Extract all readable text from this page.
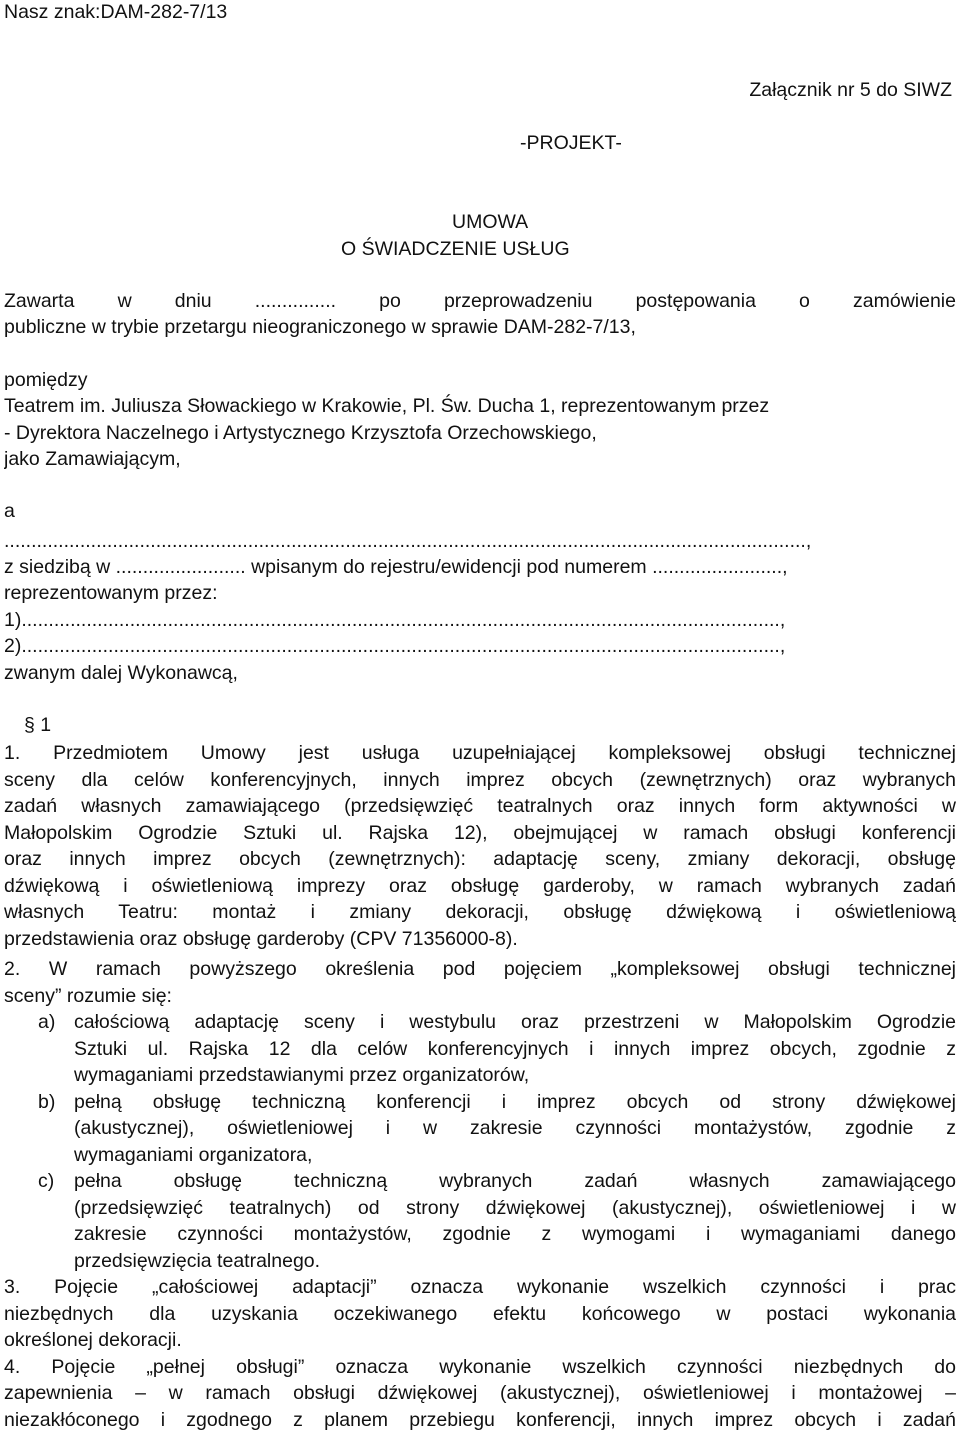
Nasz znak:DAM-282-7/13
Załącznik nr 5 do SIWZ
-PROJEKT-
UMOWA
O ŚWIADCZENIE USŁUG
Zawarta w dniu ............... po przeprowadzeniu postępowania o zamówienie
publiczne w trybie przetargu nieograniczonego w sprawie DAM-282-7/13,
pomiędzy
Teatrem im. Juliusza Słowackiego w Krakowie, Pl. Św. Ducha 1, reprezentowanym przez
- Dyrektora Naczelnego i Artystycznego Krzysztofa Orzechowskiego,
jako Zamawiającym,
a
....................................................................................................................................................,
z siedzibą w ........................ wpisanym do rejestru/ewidencji pod numerem ........................,
reprezentowanym przez:
1)............................................................................................................................................,
2)............................................................................................................................................,
zwanym dalej Wykonawcą,
§ 1
1. Przedmiotem Umowy jest usługa uzupełniającej kompleksowej obsługi technicznej
sceny dla celów konferencyjnych, innych imprez obcych (zewnętrznych) oraz wybranych
zadań własnych zamawiającego (przedsięwzięć teatralnych oraz innych form aktywności w
Małopolskim Ogrodzie Sztuki ul. Rajska 12), obejmującej w ramach obsługi konferencji
oraz innych imprez obcych (zewnętrznych): adaptację sceny, zmiany dekoracji, obsługę
dźwiękową i oświetleniową imprezy oraz obsługę garderoby, w ramach wybranych zadań
własnych Teatru: montaż i zmiany dekoracji, obsługę dźwiękową i oświetleniową
przedstawienia oraz obsługę garderoby (CPV 71356000-8).
2. W ramach powyższego określenia pod pojęciem „kompleksowej obsługi technicznej
sceny” rozumie się:
a) całościową adaptację sceny i westybulu oraz przestrzeni w Małopolskim Ogrodzie
Sztuki ul. Rajska 12 dla celów konferencyjnych i innych imprez obcych, zgodnie z
wymaganiami przedstawianymi przez organizatorów,
b) pełną obsługę techniczną konferencji i imprez obcych od strony dźwiękowej
(akustycznej), oświetleniowej i w zakresie czynności montażystów, zgodnie z
wymaganiami organizatora,
c) pełna obsługę techniczną wybranych zadań własnych zamawiającego
(przedsięwzięć teatralnych) od strony dźwiękowej (akustycznej), oświetleniowej i w
zakresie czynności montażystów, zgodnie z wymogami i wymaganiami danego
przedsięwzięcia teatralnego.
3. Pojęcie „całościowej adaptacji” oznacza wykonanie wszelkich czynności i prac
niezbędnych dla uzyskania oczekiwanego efektu końcowego w postaci wykonania
określonej dekoracji.
4. Pojęcie „pełnej obsługi” oznacza wykonanie wszelkich czynności niezbędnych do
zapewnienia – w ramach obsługi dźwiękowej (akustycznej), oświetleniowej i montażowej –
niezakłóconego i zgodnego z planem przebiegu konferencji, innych imprez obcych i zadań
